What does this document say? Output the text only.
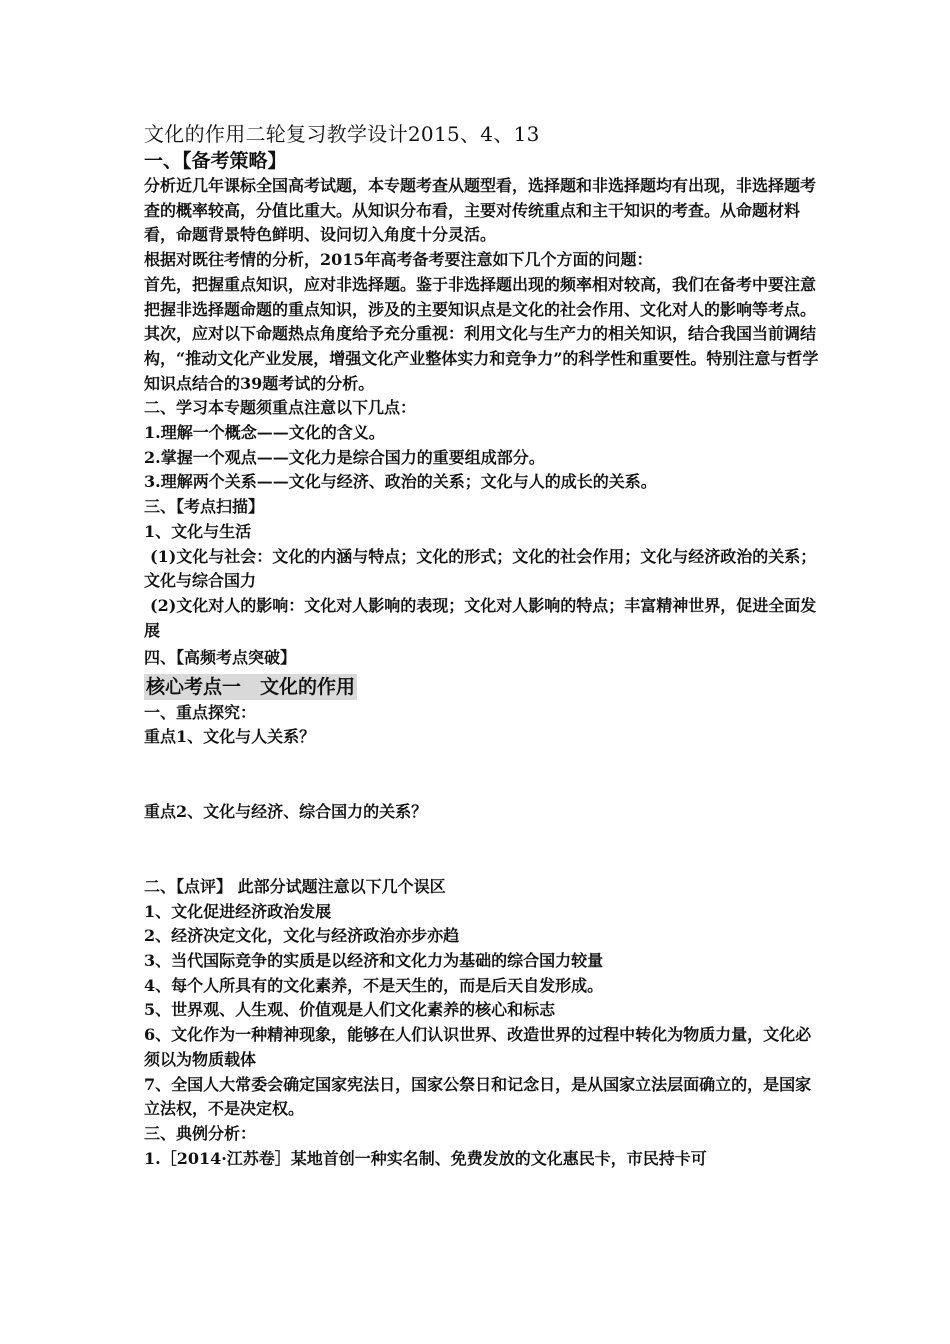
文化的作用二轮复习教学设计2015、4、13

一、【备考策略】

分析近几年课标全国高考试题，本专题考查从题型看，选择题和非选择题均有出现，非选择题考查的概率较高，分值比重大。从知识分布看，主要对传统重点和主干知识的考查。从命题材料看，命题背景特色鲜明、设问切入角度十分灵活。

根据对既往考情的分析，2015年高考备考要注意如下几个方面的问题：

首先，把握重点知识，应对非选择题。鉴于非选择题出现的频率相对较高，我们在备考中要注意把握非选择题命题的重点知识，涉及的主要知识点是文化的社会作用、文化对人的影响等考点。

其次，应对以下命题热点角度给予充分重视：利用文化与生产力的相关知识，结合我国当前调结构，“推动文化产业发展，增强文化产业整体实力和竞争力”的科学性和重要性。特别注意与哲学知识点结合的39题考试的分析。

二、学习本专题须重点注意以下几点：

1.理解一个概念——文化的含义。

2.掌握一个观点——文化力是综合国力的重要组成部分。

3.理解两个关系——文化与经济、政治的关系；文化与人的成长的关系。

三、【考点扫描】

1、文化与生活

(1)文化与社会：文化的内涵与特点；文化的形式；文化的社会作用；文化与经济政治的关系；文化与综合国力

(2)文化对人的影响：文化对人影响的表现；文化对人影响的特点；丰富精神世界，促进全面发展

四、【高频考点突破】

核心考点一　文化的作用

一、重点探究：

重点1、文化与人关系？

重点2、文化与经济、综合国力的关系？

二、【点评】 此部分试题注意以下几个误区

1、文化促进经济政治发展

2、经济决定文化，文化与经济政治亦步亦趋

3、当代国际竞争的实质是以经济和文化力为基础的综合国力较量

4、每个人所具有的文化素养，不是天生的，而是后天自发形成。

5、世界观、人生观、价值观是人们文化素养的核心和标志

6、文化作为一种精神现象，能够在人们认识世界、改造世界的过程中转化为物质力量，文化必须以为物质载体

7、全国人大常委会确定国家宪法日，国家公祭日和记念日，是从国家立法层面确立的，是国家立法权，不是决定权。

三、典例分析：

1.［2014·江苏卷］某地首创一种实名制、免费发放的文化惠民卡，市民持卡可
